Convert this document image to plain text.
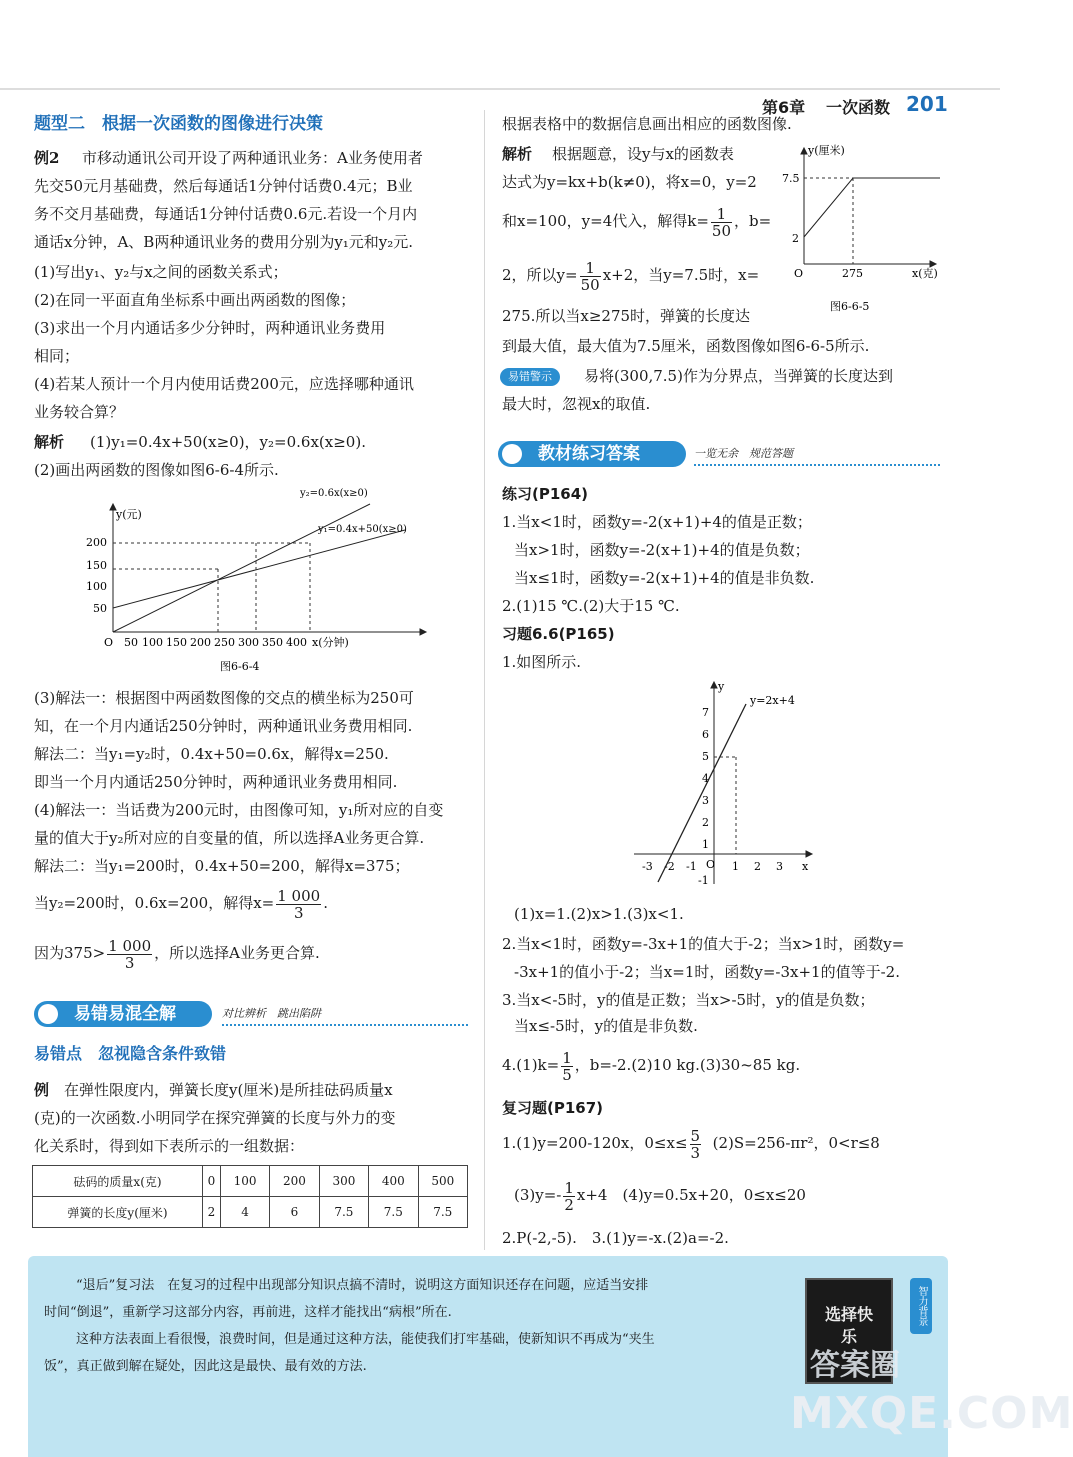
第6章 一次函数 201
题型二　根据一次函数的图像进行决策
例2 市移动通讯公司开设了两种通讯业务：A业务使用者
先交50元月基础费，然后每通话1分钟付话费0.4元；B业
务不交月基础费，每通话1分钟付话费0.6元.若设一个月内
通话x分钟，A、B两种通讯业务的费用分别为y₁元和y₂元.
(1)写出y₁、y₂与x之间的函数关系式；
(2)在同一平面直角坐标系中画出两函数的图像；
(3)求出一个月内通话多少分钟时，两种通讯业务费用
相同；
(4)若某人预计一个月内使用话费200元，应选择哪种通讯
业务较合算？
解析 (1)y₁=0.4x+50(x≥0)，y₂=0.6x(x≥0).
(2)画出两函数的图像如图6-6-4所示.
y(元)
y₂=0.6x(x≥0)
y₁=0.4x+50(x≥0)
200
150
100
50
O 50 100 150 200 250 300 350 400 x(分钟)
图6-6-4
(3)解法一：根据图中两函数图像的交点的横坐标为250可
知，在一个月内通话250分钟时，两种通讯业务费用相同.
解法二：当y₁=y₂时，0.4x+50=0.6x，解得x=250.
即当一个月内通话250分钟时，两种通讯业务费用相同.
(4)解法一：当话费为200元时，由图像可知，y₁所对应的自变
量的值大于y₂所对应的自变量的值，所以选择A业务更合算.
解法二：当y₁=200时，0.4x+50=200，解得x=375；
当y₂=200时，0.6x=200，解得$x= \frac{1 000}{3}$ .
因为$375> \frac{1 000}{3}$ ，所以选择A业务更合算.
易错易混全解	对比辨析　跳出陷阱
易错点　忽视隐含条件致错
例 在弹性限度内，弹簧长度y(厘米)是所挂砝码质量x
(克)的一次函数.小明同学在探究弹簧的长度与外力的变
化关系时，得到如下表所示的一组数据：
砝码的质量x(克)	0	100	200	300	400	500
弹簧的长度y(厘米)	2	4	6	7.5	7.5	7.5
根据表格中的数据信息画出相应的函数图像.
解析 根据题意，设y与x的函数表
达式为y=kx+b(k≠0)，将x=0，y=2
和x=100，y=4代入，解得$k= \frac{1}{50}$ ，b=
2，所以$y= \frac{1}{50} x+2$，当y=7.5时，x=
275.所以当x≥275时，弹簧的长度达
到最大值，最大值为7.5厘米，函数图像如图6-6-5所示.
y(厘米)
7.5
2
O	275	x(克)
图6-6-5
易错警示	易将(300,7.5)作为分界点，当弹簧的长度达到
最大时，忽视x的取值.
教材练习答案	一览无余　规范答题
练习(P164)
1.当x<1时，函数y=-2(x+1)+4的值是正数；
当x>1时，函数y=-2(x+1)+4的值是负数；
当x≤1时，函数y=-2(x+1)+4的值是非负数.
2.(1)15 ℃.(2)大于15 ℃.
习题6.6(P165)
1.如图所示.
y
y=2x+4
7
6
5
4
3
2
1
-1
-3 -2 -1 O 1 2 3 x
(1)x=1.(2)x>1.(3)x<1.
2.当x<1时，函数y=-3x+1的值大于-2；当x>1时，函数y=
-3x+1的值小于-2；当x=1时，函数y=-3x+1的值等于-2.
3.当x<-5时，y的值是正数；当x>-5时，y的值是负数；
当x≤-5时，y的值是非负数.
$4.(1)k= \frac{1}{5}$ ，b=-2.(2)10 kg.(3)30~85 kg.
复习题(P167)
1.(1)y=200-120x，$0\le x\le \frac{5}{3} (2)S=256-\pi r^2$，0<r≤8
$(3)y=- \frac{1}{2} x+4$　(4)y=0.5x+20，0≤x≤20
2.P(-2,-5).　3.(1)y=-x.(2)a=-2.
“退后”复习法　在复习的过程中出现部分知识点搞不清时，说明这方面知识还存在问题，应适当安排
时间“倒退”，重新学习这部分内容，再前进，这样才能找出“病根”所在.
这种方法表面上看很慢，浪费时间，但是通过这种方法，能使我们打牢基础，使新知识不再成为“夹生
饭”，真正做到解在疑处，因此这是最快、最有效的方法.
选择快乐
智力背景
答案圈
MXQE.COM
